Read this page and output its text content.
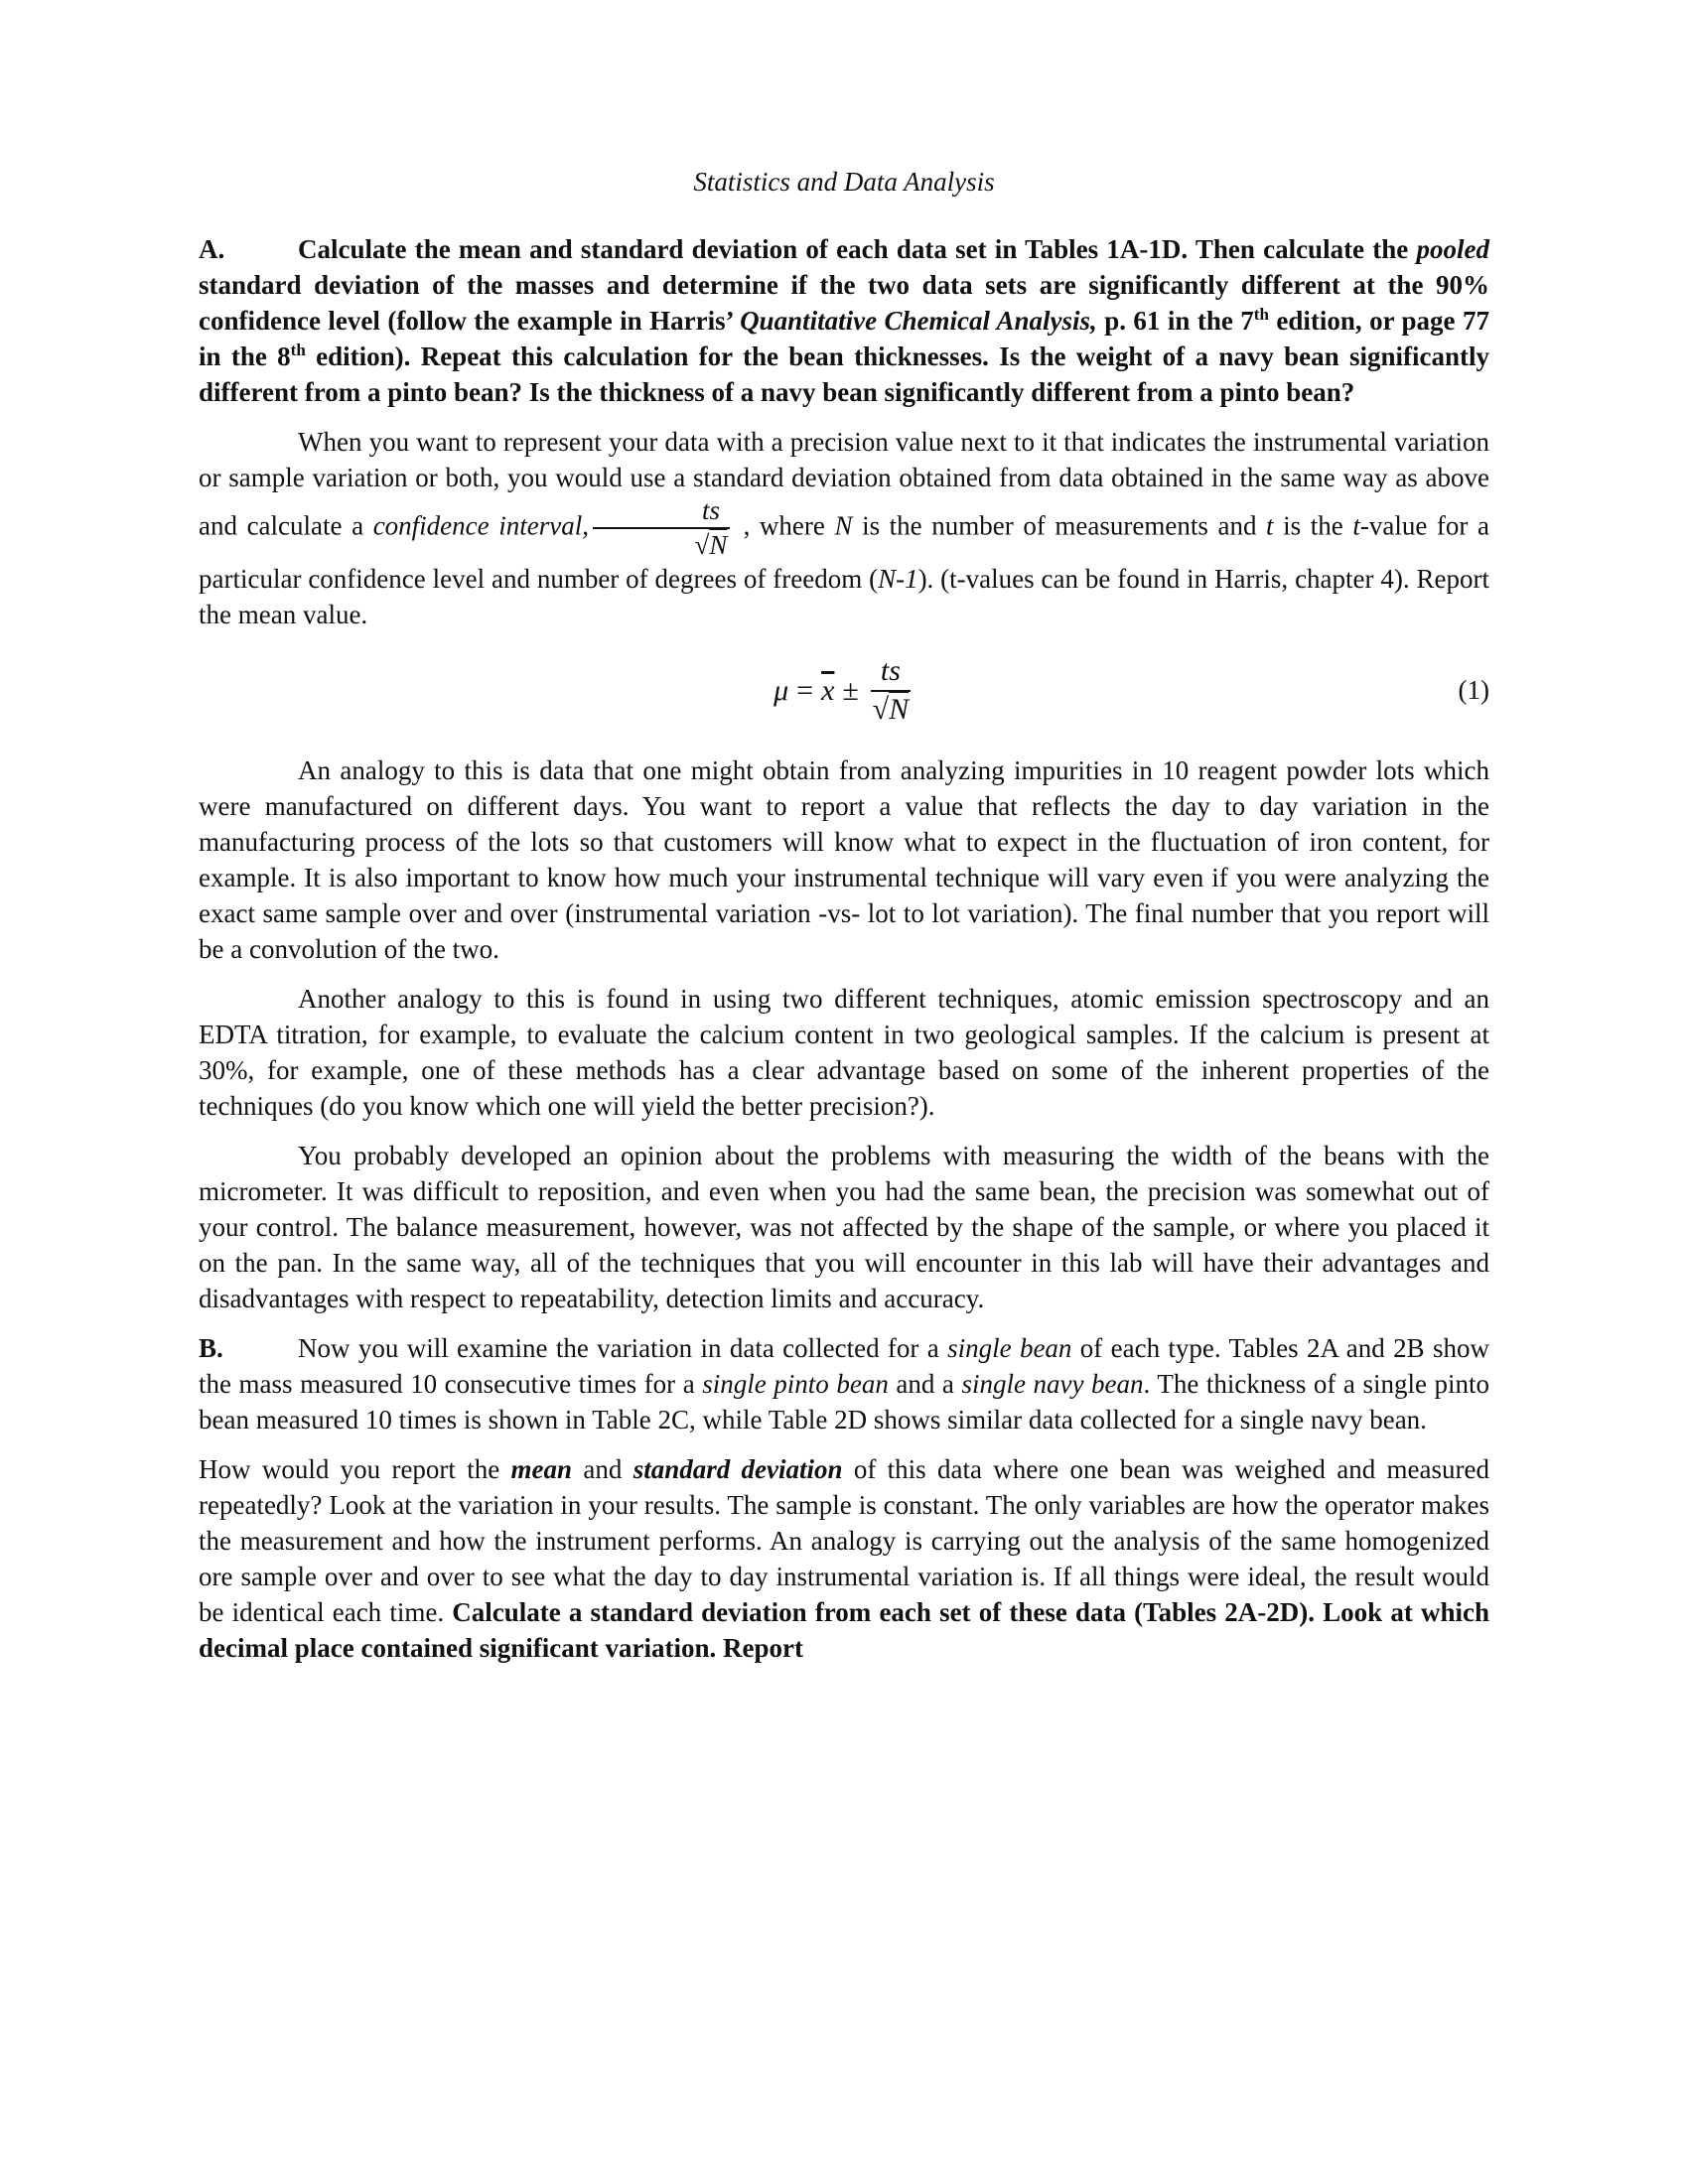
Statistics and Data Analysis

A.	Calculate the mean and standard deviation of each data set in Tables 1A-1D. Then calculate the pooled standard deviation of the masses and determine if the two data sets are significantly different at the 90% confidence level (follow the example in Harris’ Quantitative Chemical Analysis, p. 61 in the 7th edition, or page 77 in the 8th edition). Repeat this calculation for the bean thicknesses. Is the weight of a navy bean significantly different from a pinto bean? Is the thickness of a navy bean significantly different from a pinto bean?

When you want to represent your data with a precision value next to it that indicates the instrumental variation or sample variation or both, you would use a standard deviation obtained from data obtained in the same way as above and calculate a confidence interval, $\frac{ts}{√N}$ , where N is the number of measurements and t is the t-value for a particular confidence level and number of degrees of freedom (N-1). (t-values can be found in Harris, chapter 4). Report the mean value.

$\mu = \overline{x} \pm \frac{ts}{√N}$	(1)

An analogy to this is data that one might obtain from analyzing impurities in 10 reagent powder lots which were manufactured on different days. You want to report a value that reflects the day to day variation in the manufacturing process of the lots so that customers will know what to expect in the fluctuation of iron content, for example. It is also important to know how much your instrumental technique will vary even if you were analyzing the exact same sample over and over (instrumental variation -vs- lot to lot variation). The final number that you report will be a convolution of the two.

Another analogy to this is found in using two different techniques, atomic emission spectroscopy and an EDTA titration, for example, to evaluate the calcium content in two geological samples. If the calcium is present at 30%, for example, one of these methods has a clear advantage based on some of the inherent properties of the techniques (do you know which one will yield the better precision?).

You probably developed an opinion about the problems with measuring the width of the beans with the micrometer. It was difficult to reposition, and even when you had the same bean, the precision was somewhat out of your control. The balance measurement, however, was not affected by the shape of the sample, or where you placed it on the pan. In the same way, all of the techniques that you will encounter in this lab will have their advantages and disadvantages with respect to repeatability, detection limits and accuracy.

B.	Now you will examine the variation in data collected for a single bean of each type. Tables 2A and 2B show the mass measured 10 consecutive times for a single pinto bean and a single navy bean. The thickness of a single pinto bean measured 10 times is shown in Table 2C, while Table 2D shows similar data collected for a single navy bean.

How would you report the mean and standard deviation of this data where one bean was weighed and measured repeatedly? Look at the variation in your results. The sample is constant. The only variables are how the operator makes the measurement and how the instrument performs. An analogy is carrying out the analysis of the same homogenized ore sample over and over to see what the day to day instrumental variation is. If all things were ideal, the result would be identical each time. Calculate a standard deviation from each set of these data (Tables 2A-2D). Look at which decimal place contained significant variation. Report
